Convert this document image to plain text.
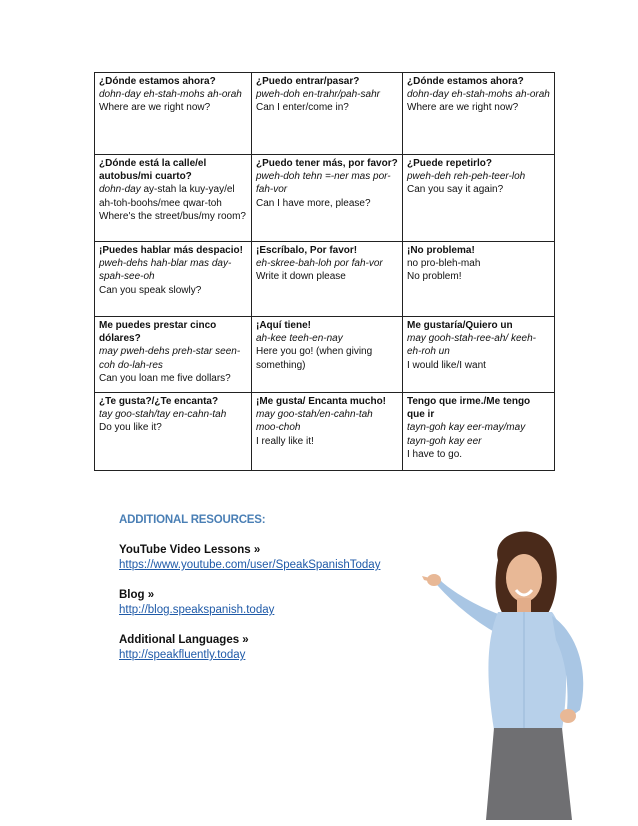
¿Dónde estamos ahora?
dohn-day eh-stah-mohs ah-orah
Where are we right now?	¿Puedo entrar/pasar?
pweh-doh en-trahr/pah-sahr
Can I enter/come in?	¿Dónde estamos ahora?
dohn-day eh-stah-mohs ah-orah
Where are we right now?

¿Dónde está la calle/el autobus/mi cuarto?
dohn-day ay-stah la kuy-yay/el ah-toh-boohs/mee qwar-toh
Where's the street/bus/my room?	¿Puedo tener más, por favor?
pweh-doh tehn =-ner mas por-fah-vor
Can I have more, please?	¿Puede repetirlo?
pweh-deh reh-peh-teer-loh
Can you say it again?

¡Puedes hablar más despacio!
pweh-dehs hah-blar mas day-spah-see-oh
Can you speak slowly?	¡Escríbalo, Por favor!
eh-skree-bah-loh por fah-vor
Write it down please	¡No problema!
no pro-bleh-mah
No problem!

Me puedes prestar cinco dólares?
may pweh-dehs preh-star seen-coh do-lah-res
Can you loan me five dollars?	¡Aquí tiene!
ah-kee teeh-en-nay
Here you go! (when giving something)	Me gustaría/Quiero un
may gooh-stah-ree-ah/ keeh-eh-roh un
I would like/I want

¿Te gusta?/¿Te encanta?
tay goo-stah/tay en-cahn-tah
Do you like it?	¡Me gusta/ Encanta mucho!
may goo-stah/en-cahn-tah moo-choh
I really like it!	Tengo que irme./Me tengo que ir
tayn-goh kay eer-may/may tayn-goh kay eer
I have to go.
ADDITIONAL RESOURCES:
YouTube Video Lessons »
https://www.youtube.com/user/SpeakSpanishToday
Blog »
http://blog.speakspanish.today
Additional Languages »
http://speakfluently.today
